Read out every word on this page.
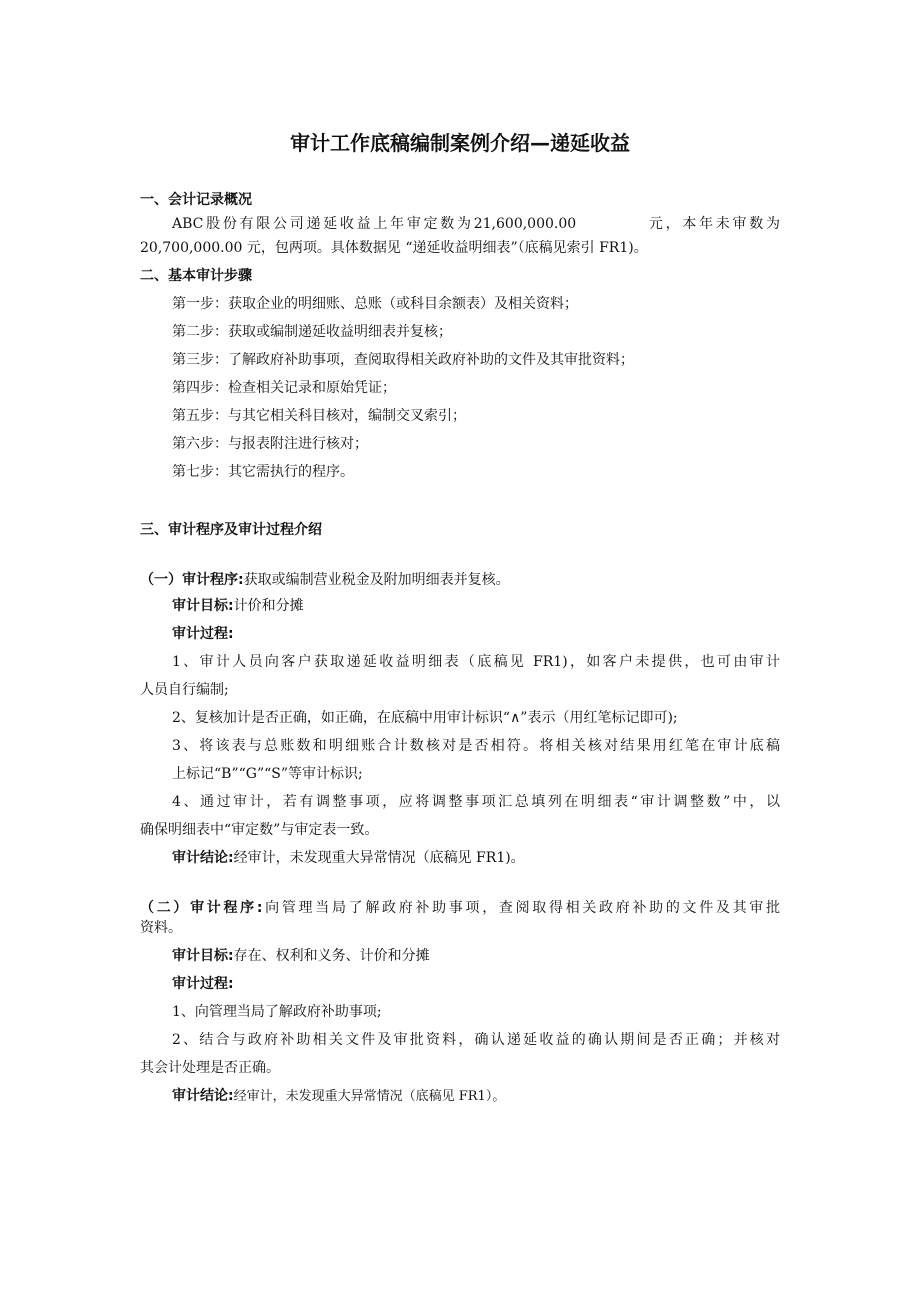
审计工作底稿编制案例介绍—递延收益
一、会计记录概况
ABC股份有限公司递延收益上年审定数为21,600,000.00	元，本年未审数为
20,700,000.00 元，包两项。具体数据见 “递延收益明细表”（底稿见索引 FR1)。
二、基本审计步骤
第一步：获取企业的明细账、总账（或科目余额表）及相关资料；
第二步：获取或编制递延收益明细表并复核；
第三步：了解政府补助事项，查阅取得相关政府补助的文件及其审批资料；
第四步：检查相关记录和原始凭证；
第五步：与其它相关科目核对，编制交叉索引；
第六步：与报表附注进行核对；
第七步：其它需执行的程序。
三、审计程序及审计过程介绍
（一）审计程序:获取或编制营业税金及附加明细表并复核。
审计目标:计价和分摊
审计过程:
1、审计人员向客户获取递延收益明细表（底稿见 FR1)，如客户未提供，也可由审计
人员自行编制;
2、复核加计是否正确，如正确，在底稿中用审计标识“∧”表示（用红笔标记即可);
3、将该表与总账数和明细账合计数核对是否相符。将相关核对结果用红笔在审计底稿
上标记“B”“G”“S”等审计标识;
4、通过审计，若有调整事项，应将调整事项汇总填列在明细表“审计调整数”中，以
确保明细表中“审定数”与审定表一致。
审计结论:经审计，未发现重大异常情况（底稿见 FR1)。
（二）审计程序:向管理当局了解政府补助事项，查阅取得相关政府补助的文件及其审批
资料。
审计目标:存在、权利和义务、计价和分摊
审计过程:
1、向管理当局了解政府补助事项;
2、结合与政府补助相关文件及审批资料，确认递延收益的确认期间是否正确；并核对
其会计处理是否正确。
审计结论:经审计，未发现重大异常情况（底稿见 FR1）。
